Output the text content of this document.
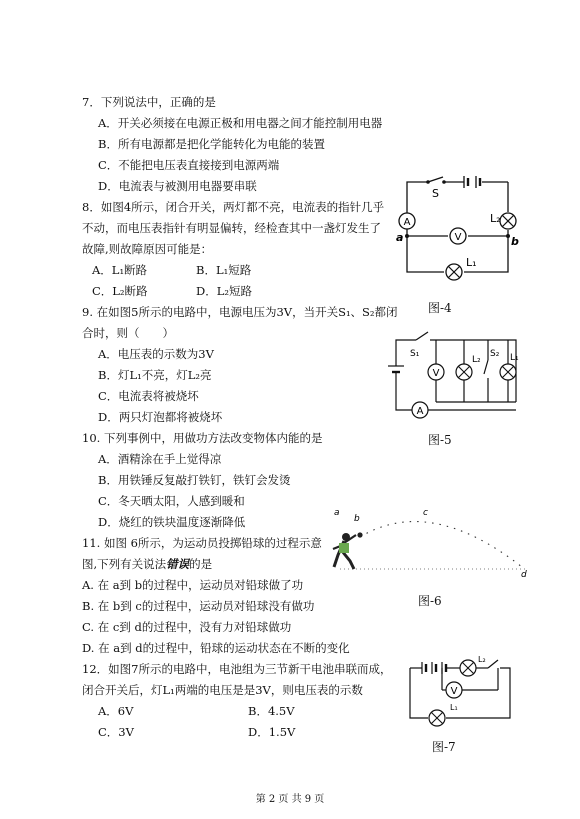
7．下列说法中，正确的是
A．开关必须接在电源正极和用电器之间才能控制用电器
B．所有电源都是把化学能转化为电能的装置
C．不能把电压表直接接到电源两端
D．电流表与被测用电器要串联
8．如图4所示，闭合开关，两灯都不亮，电流表的指针几乎
不动，而电压表指针有明显偏转，经检查其中一盏灯发生了
故障,则故障原因可能是：
A．L₁断路	B．L₁短路
C．L₂断路	D．L₂短路
9. 在如图5所示的电路中，电源电压为3V，当开关S₁、S₂都闭
合时，则（　　）
A．电压表的示数为3V
B．灯L₁不亮，灯L₂亮
C．电流表将被烧坏
D．两只灯泡都将被烧坏
10. 下列事例中，用做功方法改变物体内能的是
A．酒精涂在手上觉得凉
B．用铁锤反复敲打铁钉，铁钉会发烫
C．冬天晒太阳，人感到暖和
D．烧红的铁块温度逐渐降低
11. 如图 6所示，为运动员投掷铅球的过程示意
图,下列有关说法错误的是
A. 在 a到 b的过程中，运动员对铅球做了功
B. 在 b到 c的过程中，运动员对铅球没有做功
C. 在 c到 d的过程中，没有力对铅球做功
D. 在 a到 d的过程中，铅球的运动状态在不断的变化
12．如图7所示的电路中，电池组为三节新干电池串联而成，
闭合开关后，灯L₁两端的电压是是3V，则电压表的示数
A．6V	B．4.5V
C．3V	D．1.5V
A
V
S
L₂
L₁
a	b
图-4
V
A
S₁	S₂
L₂	L₁
图-5
a
b
c
d
图-6
V
L₂
L₁
图-7
第 2 页 共 9 页
